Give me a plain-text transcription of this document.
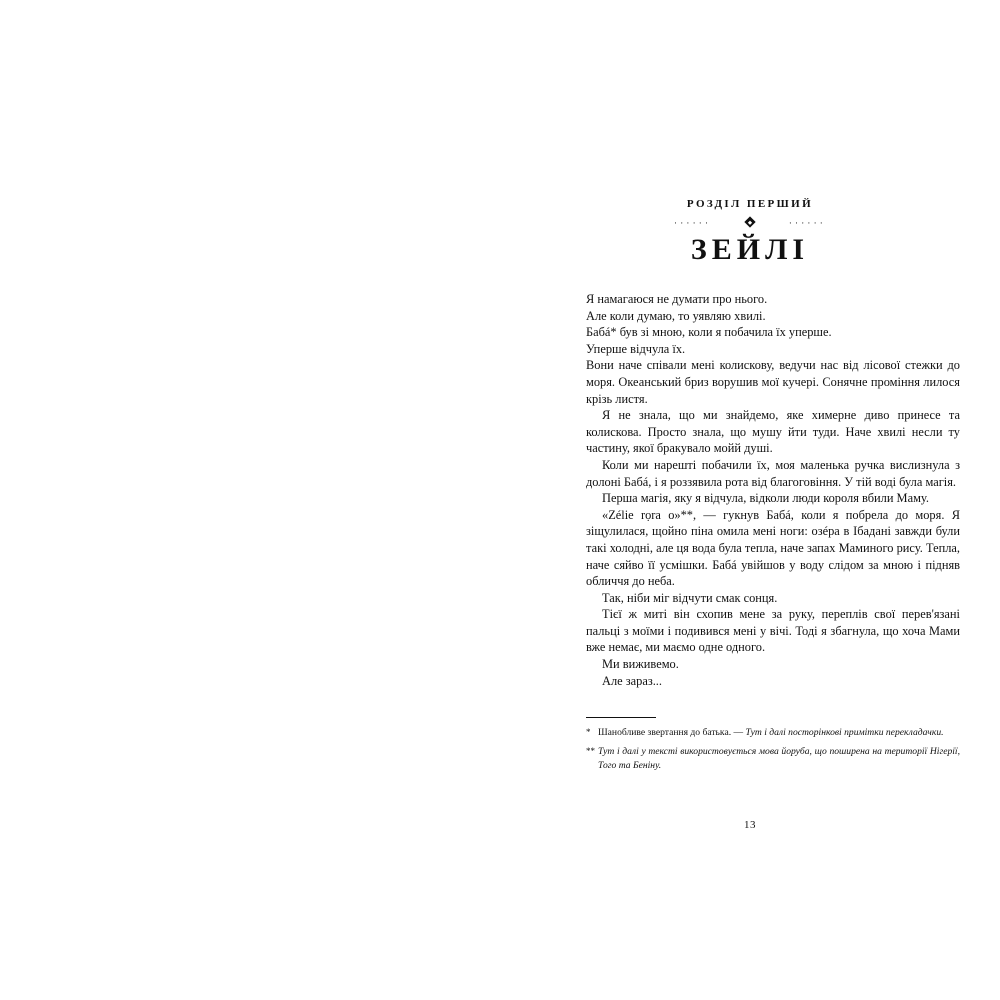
РОЗДІЛ ПЕРШИЙ
······	······
ЗЕЙЛІ

Я намагаюся не думати про нього.

Але коли думаю, то уявляю хвилі.

Бабá* був зі мною, коли я побачила їх уперше.

Уперше відчула їх.

Вони наче співали мені колискову, ведучи нас від лісової стежки до моря. Океанський бриз ворушив мої кучері. Сонячне проміння лилося крізь листя.

Я не знала, що ми знайдемо, яке химерне диво принесе та колискова. Просто знала, що мушу йти туди. Наче хвилі несли ту частину, якої бракувало мойй душі.

Коли ми нарешті побачили їх, моя маленька ручка вислизнула з долоні Бабá, і я роззявила рота від благоговіння. У тій воді була магія.

Перша магія, яку я відчула, відколи люди короля вбили Маму.

«Zélie rọra o»**, — гукнув Бабá, коли я побрела до моря. Я зіщулилася, щойно піна омила мені ноги: озéра в Ібадані завжди були такі холодні, але ця вода була тепла, наче запах Маминого рису. Тепла, наче сяйво її усмішки. Бабá увійшов у воду слідом за мною і підняв обличчя до неба.

Так, ніби міг відчути смак сонця.

Тієї ж миті він схопив мене за руку, переплів свої перев'язані пальці з моїми і подивився мені у вічі. Тоді я збагнула, що хоча Мами вже немає, ми маємо одне одного.

Ми виживемо.

Але зараз...

* Шанобливе звертання до батька. — Тут і далі посторінкові примітки перекладачки.
** Тут і далі у тексті використовується мова йоруба, що поширена на території Нігерії, Того та Беніну.
13
